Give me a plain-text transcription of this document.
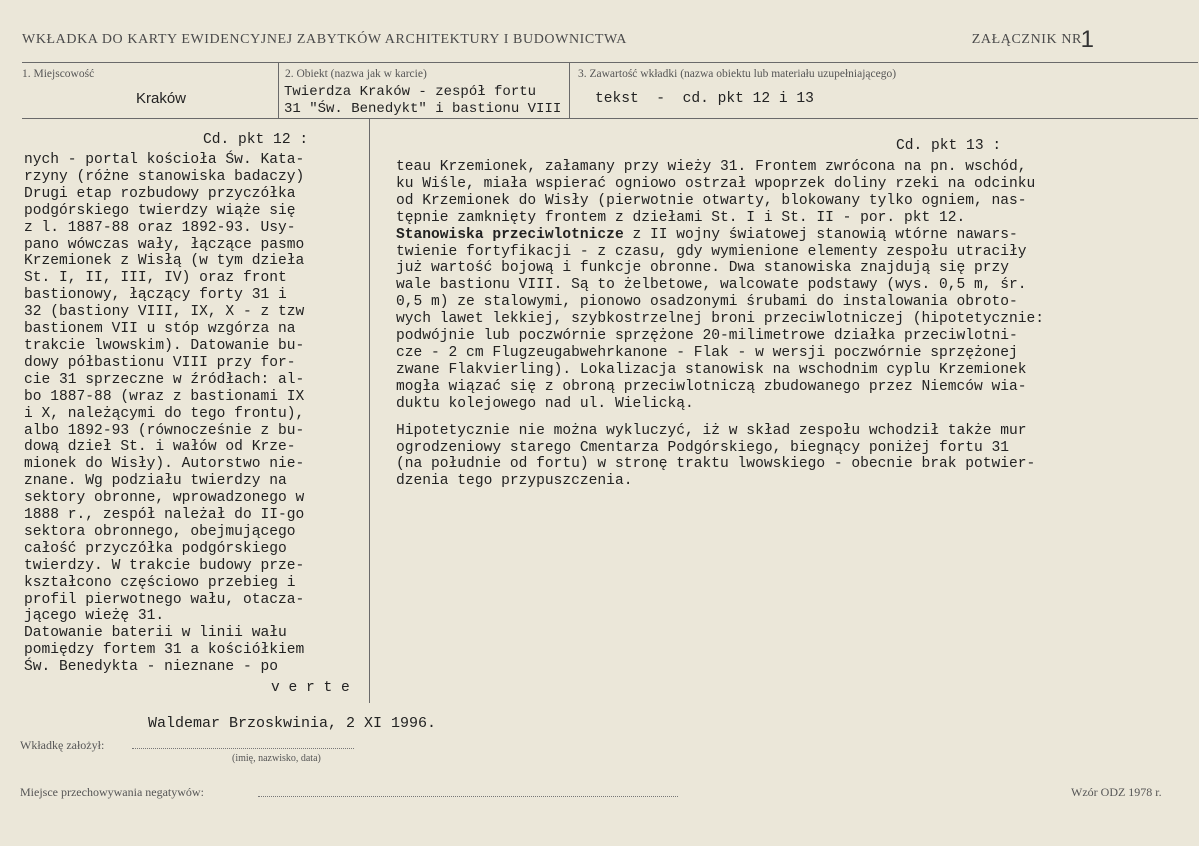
WKŁADKA DO KARTY EWIDENCYJNEJ ZABYTKÓW ARCHITEKTURY I BUDOWNICTWA	ZAŁĄCZNIK NR
1
1. Miejscowość
Kraków
2. Obiekt (nazwa jak w karcie)
Twierdza Kraków - zespół fortu
31 "Św. Benedykt" i bastionu VIII
3. Zawartość wkładki (nazwa obiektu lub materiału uzupełniającego)
tekst  -  cd. pkt 12 i 13
Cd. pkt 12 :
nych - portal kościoła Św. Kata-
rzyny (różne stanowiska badaczy)
Drugi etap rozbudowy przyczółka
podgórskiego twierdzy wiąże się
z l. 1887-88 oraz 1892-93. Usy-
pano wówczas wały, łączące pasmo
Krzemionek z Wisłą (w tym dzieła
St. I, II, III, IV) oraz front
bastionowy, łączący forty 31 i
32 (bastiony VIII, IX, X - z tzw
bastionem VII u stóp wzgórza na
trakcie lwowskim). Datowanie bu-
dowy półbastionu VIII przy for-
cie 31 sprzeczne w źródłach: al-
bo 1887-88 (wraz z bastionami IX
i X, należącymi do tego frontu),
albo 1892-93 (równocześnie z bu-
dową dzieł St. i wałów od Krze-
mionek do Wisły). Autorstwo nie-
znane. Wg podziału twierdzy na
sektory obronne, wprowadzonego w
1888 r., zespół należał do II-go
sektora obronnego, obejmującego
całość przyczółka podgórskiego
twierdzy. W trakcie budowy prze-
kształcono częściowo przebieg i
profil pierwotnego wału, otacza-
jącego wieżę 31.
Datowanie baterii w linii wału
pomiędzy fortem 31 a kościółkiem
Św. Benedykta - nieznane - po
v e r t e
Cd. pkt 13 :
teau Krzemionek, załamany przy wieży 31. Frontem zwrócona na pn. wschód,
ku Wiśle, miała wspierać ogniowo ostrzał wpoprzek doliny rzeki na odcinku
od Krzemionek do Wisły (pierwotnie otwarty, blokowany tylko ogniem, nas-
tępnie zamknięty frontem z dziełami St. I i St. II - por. pkt 12.
Stanowiska przeciwlotnicze z II wojny światowej stanowią wtórne nawars-
twienie fortyfikacji - z czasu, gdy wymienione elementy zespołu utraciły
już wartość bojową i funkcje obronne. Dwa stanowiska znajdują się przy
wale bastionu VIII. Są to żelbetowe, walcowate podstawy (wys. 0,5 m, śr.
0,5 m) ze stalowymi, pionowo osadzonymi śrubami do instalowania obroto-
wych lawet lekkiej, szybkostrzelnej broni przeciwlotniczej (hipotetycznie:
podwójnie lub poczwórnie sprzężone 20-milimetrowe działka przeciwlotni-
cze - 2 cm Flugzeugabwehrkanone - Flak - w wersji poczwórnie sprzężonej
zwane Flakvierling). Lokalizacja stanowisk na wschodnim cyplu Krzemionek
mogła wiązać się z obroną przeciwlotniczą zbudowanego przez Niemców wia-
duktu kolejowego nad ul. Wielicką.
Hipotetycznie nie można wykluczyć, iż w skład zespołu wchodził także mur
ogrodzeniowy starego Cmentarza Podgórskiego, biegnący poniżej fortu 31
(na południe od fortu) w stronę traktu lwowskiego - obecnie brak potwier-
dzenia tego przypuszczenia.
Waldemar Brzoskwinia, 2 XI 1996.
Wkładkę założył:
(imię, nazwisko, data)
Miejsce przechowywania negatywów:	Wzór ODZ 1978 r.
